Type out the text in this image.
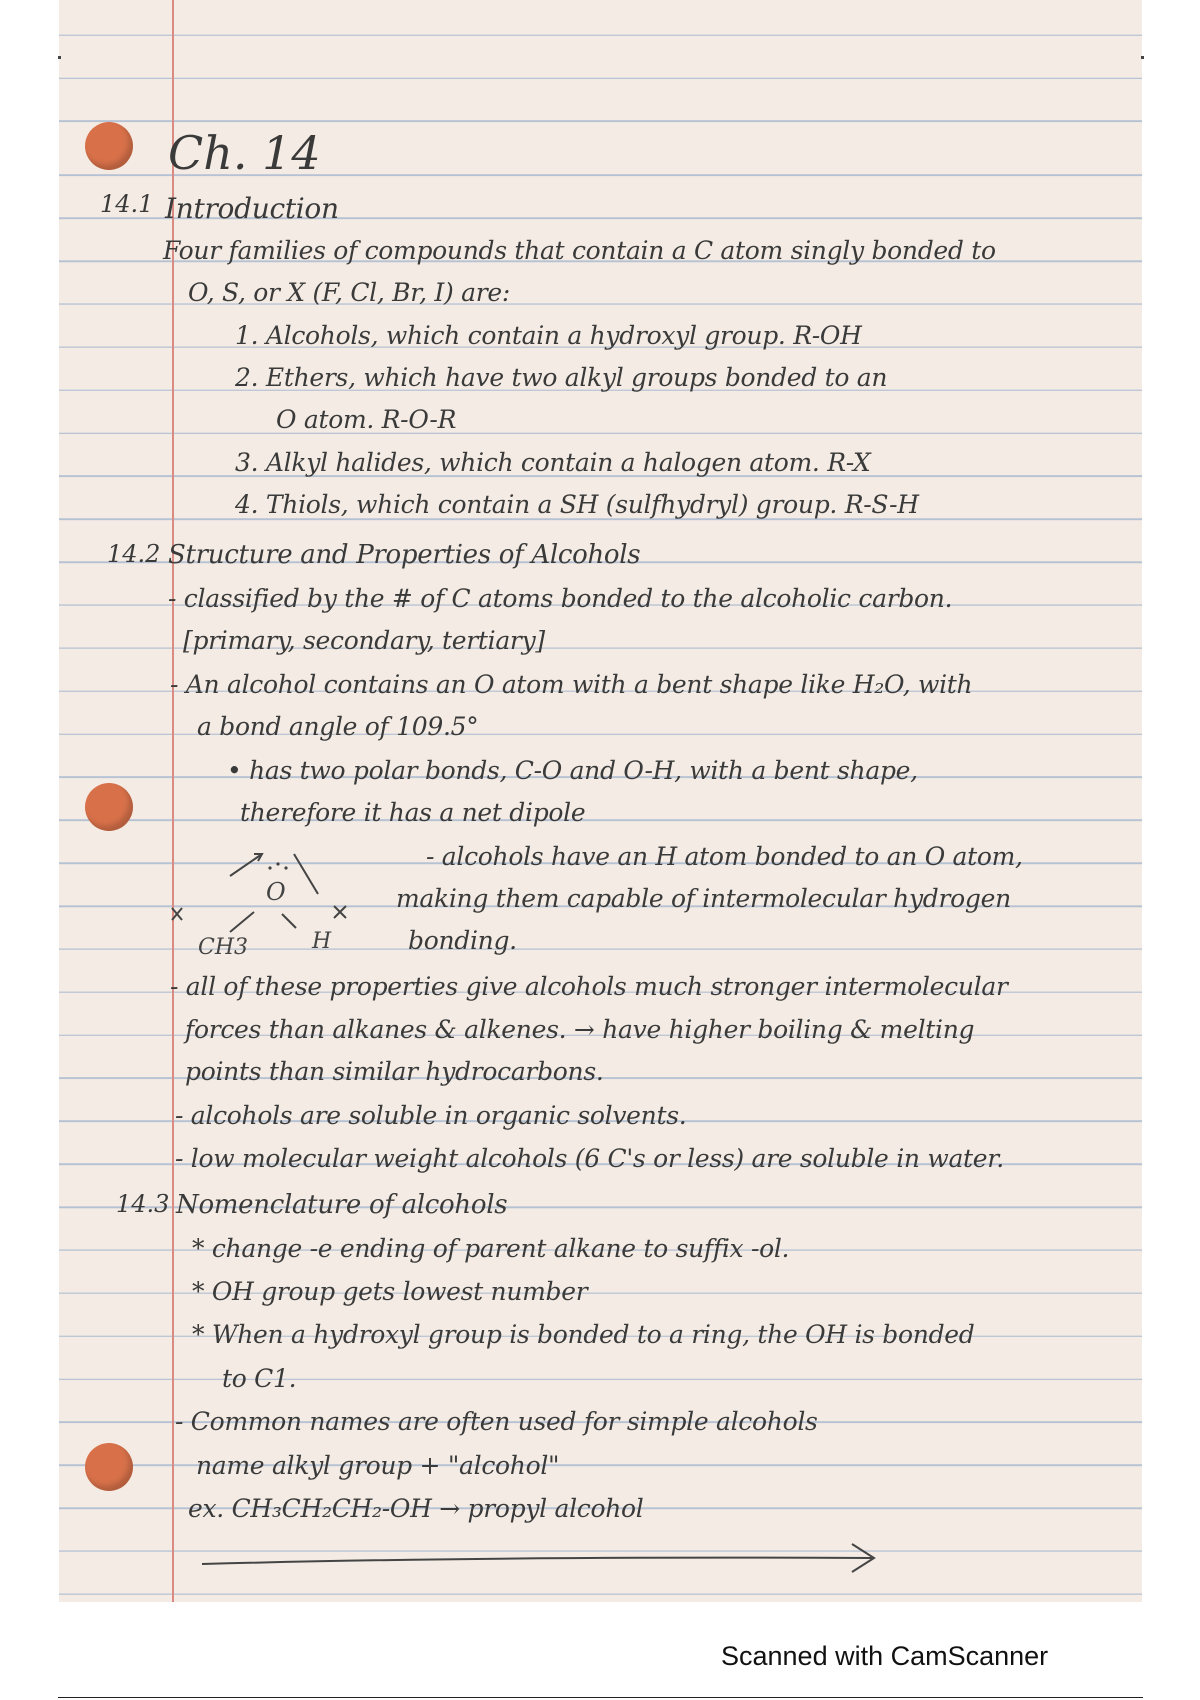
Ch. 14
14.1 Introduction
Four families of compounds that contain a C atom singly bonded to
O, S, or X (F, Cl, Br, I) are:
1. Alcohols, which contain a hydroxyl group. R-OH
2. Ethers, which have two alkyl groups bonded to an
O atom. R-O-R
3. Alkyl halides, which contain a halogen atom. R-X
4. Thiols, which contain a SH (sulfhydryl) group. R-S-H
14.2 Structure and Properties of Alcohols
- classified by the # of C atoms bonded to the alcoholic carbon.
[primary, secondary, tertiary]
- An alcohol contains an O atom with a bent shape like H₂O, with
a bond angle of 109.5°
• has two polar bonds, C-O and O-H, with a bent shape,
therefore it has a net dipole
- alcohols have an H atom bonded to an O atom,
making them capable of intermolecular hydrogen
bonding.
O
CH3	H
- all of these properties give alcohols much stronger intermolecular
forces than alkanes & alkenes. → have higher boiling & melting
points than similar hydrocarbons.
- alcohols are soluble in organic solvents.
- low molecular weight alcohols (6 C's or less) are soluble in water.
14.3 Nomenclature of alcohols
* change -e ending of parent alkane to suffix -ol.
* OH group gets lowest number
* When a hydroxyl group is bonded to a ring, the OH is bonded
to C1.
- Common names are often used for simple alcohols
name alkyl group + "alcohol"
ex. CH₃CH₂CH₂-OH → propyl alcohol
Scanned with CamScanner
